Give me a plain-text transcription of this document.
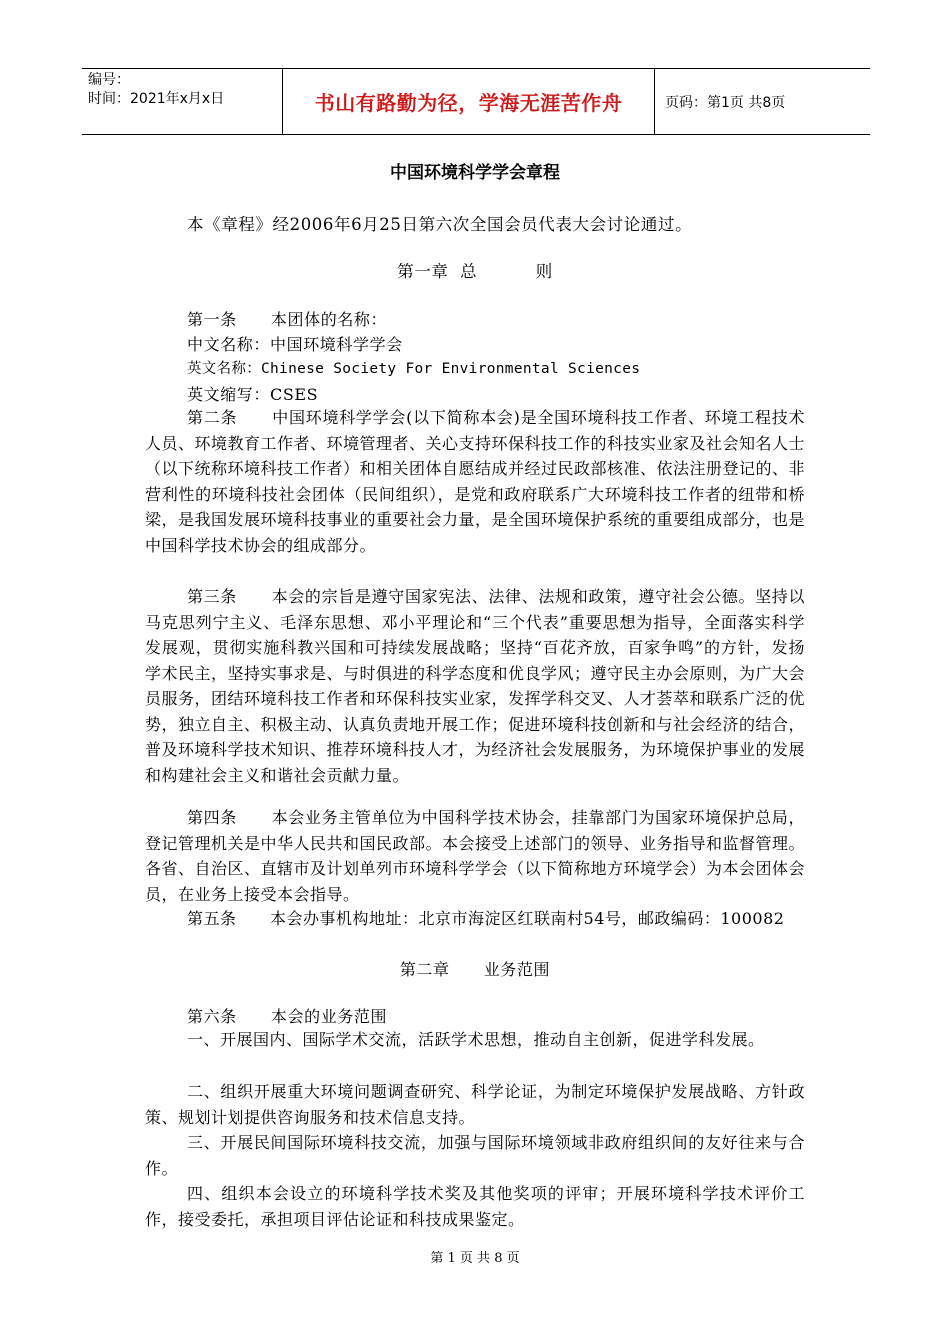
编号：
时间：2021年x月x日	书山有路勤为径，学海无涯苦作舟	页码：第1页 共8页
中国环境科学学会章程
本《章程》经2006年6月25日第六次全国会员代表大会讨论通过。
第一章  总          则
第一条      本团体的名称：
中文名称：中国环境科学学会
英文名称：Chinese Society For Environmental Sciences
英文缩写：CSES
第二条      中国环境科学学会(以下简称本会)是全国环境科技工作者、环境工程技术人员、环境教育工作者、环境管理者、关心支持环保科技工作的科技实业家及社会知名人士（以下统称环境科技工作者）和相关团体自愿结成并经过民政部核准、依法注册登记的、非营利性的环境科技社会团体（民间组织），是党和政府联系广大环境科技工作者的纽带和桥梁，是我国发展环境科技事业的重要社会力量，是全国环境保护系统的重要组成部分，也是中国科学技术协会的组成部分。
第三条      本会的宗旨是遵守国家宪法、法律、法规和政策，遵守社会公德。坚持以马克思列宁主义、毛泽东思想、邓小平理论和“三个代表”重要思想为指导，全面落实科学发展观，贯彻实施科教兴国和可持续发展战略；坚持“百花齐放，百家争鸣”的方针，发扬学术民主，坚持实事求是、与时俱进的科学态度和优良学风；遵守民主办会原则，为广大会员服务，团结环境科技工作者和环保科技实业家，发挥学科交叉、人才荟萃和联系广泛的优势，独立自主、积极主动、认真负责地开展工作；促进环境科技创新和与社会经济的结合，普及环境科学技术知识、推荐环境科技人才，为经济社会发展服务，为环境保护事业的发展和构建社会主义和谐社会贡献力量。
第四条      本会业务主管单位为中国科学技术协会，挂靠部门为国家环境保护总局，登记管理机关是中华人民共和国民政部。本会接受上述部门的领导、业务指导和监督管理。各省、自治区、直辖市及计划单列市环境科学学会（以下简称地方环境学会）为本会团体会员，在业务上接受本会指导。
第五条      本会办事机构地址：北京市海淀区红联南村54号，邮政编码：100082
第二章      业务范围
第六条      本会的业务范围
一、开展国内、国际学术交流，活跃学术思想，推动自主创新，促进学科发展。
二、组织开展重大环境问题调查研究、科学论证，为制定环境保护发展战略、方针政策、规划计划提供咨询服务和技术信息支持。
三、开展民间国际环境科技交流，加强与国际环境领域非政府组织间的友好往来与合作。
四、组织本会设立的环境科学技术奖及其他奖项的评审；开展环境科学技术评价工作，接受委托，承担项目评估论证和科技成果鉴定。
第 1 页 共 8 页
